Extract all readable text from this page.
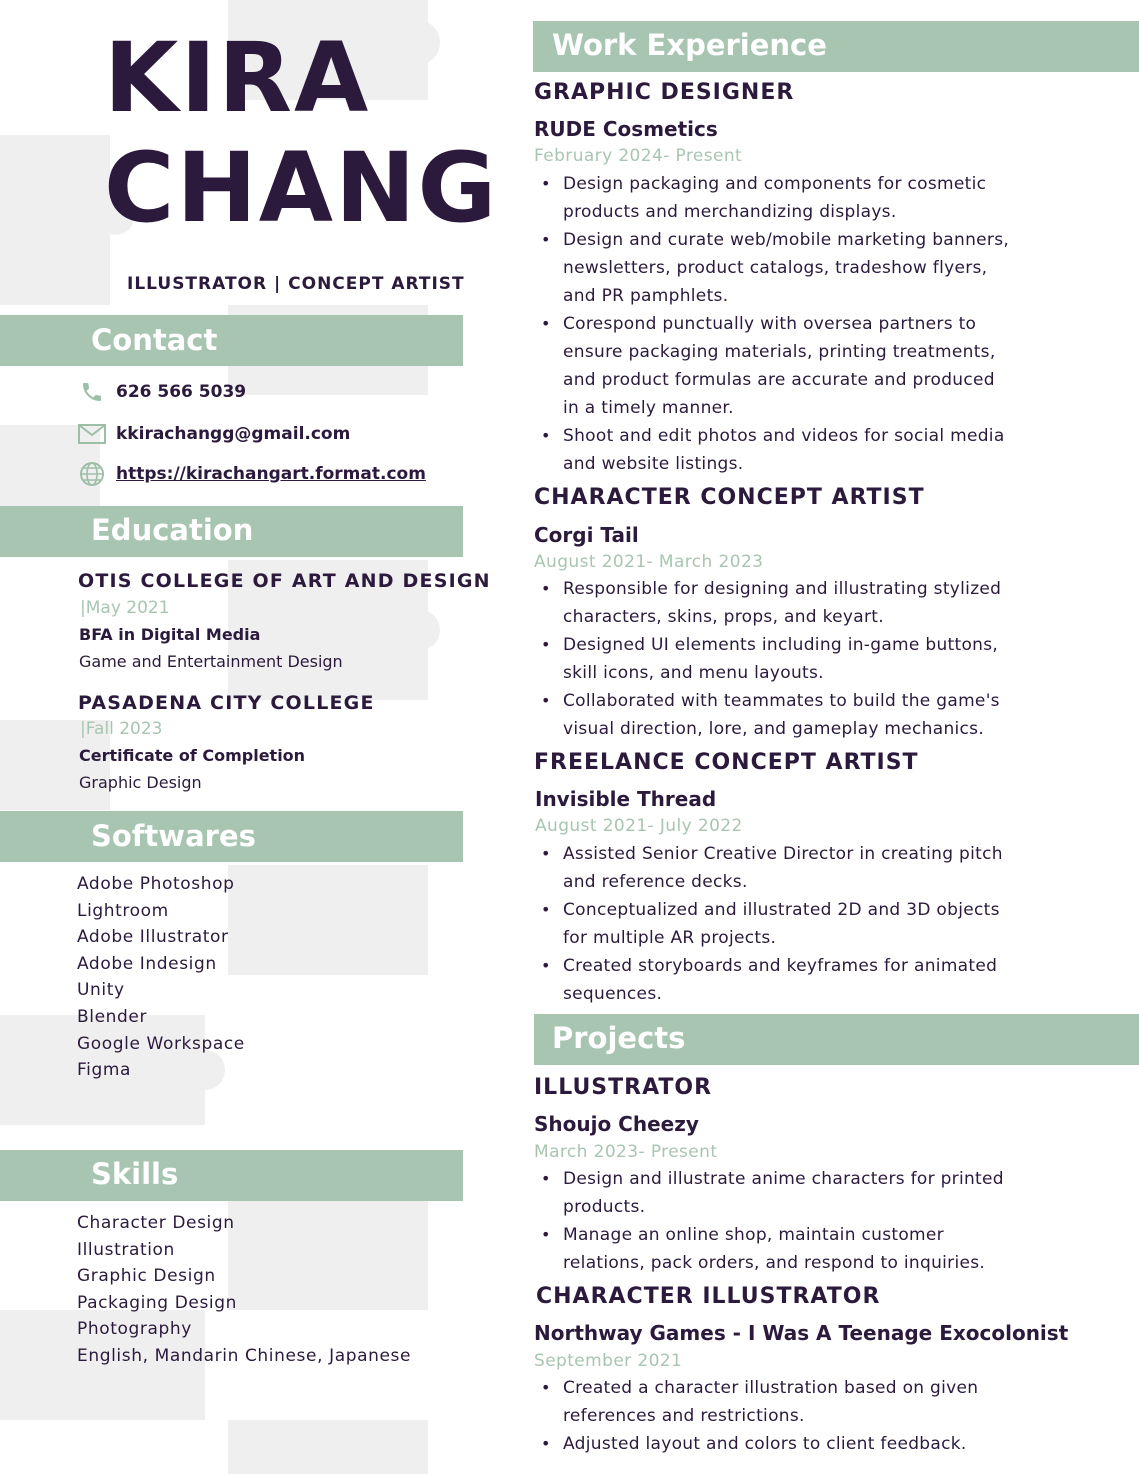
KIRA
CHANG
ILLUSTRATOR | CONCEPT ARTIST
Contact
626 566 5039
kkirachangg@gmail.com
https://kirachangart.format.com
Education
OTIS COLLEGE OF ART AND DESIGN
|May 2021
BFA in Digital Media
Game and Entertainment Design
PASADENA CITY COLLEGE
|Fall 2023
Certificate of Completion
Graphic Design
Softwares
Adobe Photoshop
Lightroom
Adobe Illustrator
Adobe Indesign
Unity
Blender
Google Workspace
Figma
Skills
Character Design
Illustration
Graphic Design
Packaging Design
Photography
English, Mandarin Chinese, Japanese
Work Experience
GRAPHIC DESIGNER
RUDE Cosmetics
February 2024- Present
• Design packaging and components for cosmetic
products and merchandizing displays.
• Design and curate web/mobile marketing banners,
newsletters, product catalogs, tradeshow flyers,
and PR pamphlets.
• Corespond punctually with oversea partners to
ensure packaging materials, printing treatments,
and product formulas are accurate and produced
in a timely manner.
• Shoot and edit photos and videos for social media
and website listings.
CHARACTER CONCEPT ARTIST
Corgi Tail
August 2021- March 2023
• Responsible for designing and illustrating stylized
characters, skins, props, and keyart.
• Designed UI elements including in-game buttons,
skill icons, and menu layouts.
• Collaborated with teammates to build the game's
visual direction, lore, and gameplay mechanics.
FREELANCE CONCEPT ARTIST
Invisible Thread
August 2021- July 2022
• Assisted Senior Creative Director in creating pitch
and reference decks.
• Conceptualized and illustrated 2D and 3D objects
for multiple AR projects.
• Created storyboards and keyframes for animated
sequences.
Projects
ILLUSTRATOR
Shoujo Cheezy
March 2023- Present
• Design and illustrate anime characters for printed
products.
• Manage an online shop, maintain customer
relations, pack orders, and respond to inquiries.
CHARACTER ILLUSTRATOR
Northway Games - I Was A Teenage Exocolonist
September 2021
• Created a character illustration based on given
references and restrictions.
• Adjusted layout and colors to client feedback.
